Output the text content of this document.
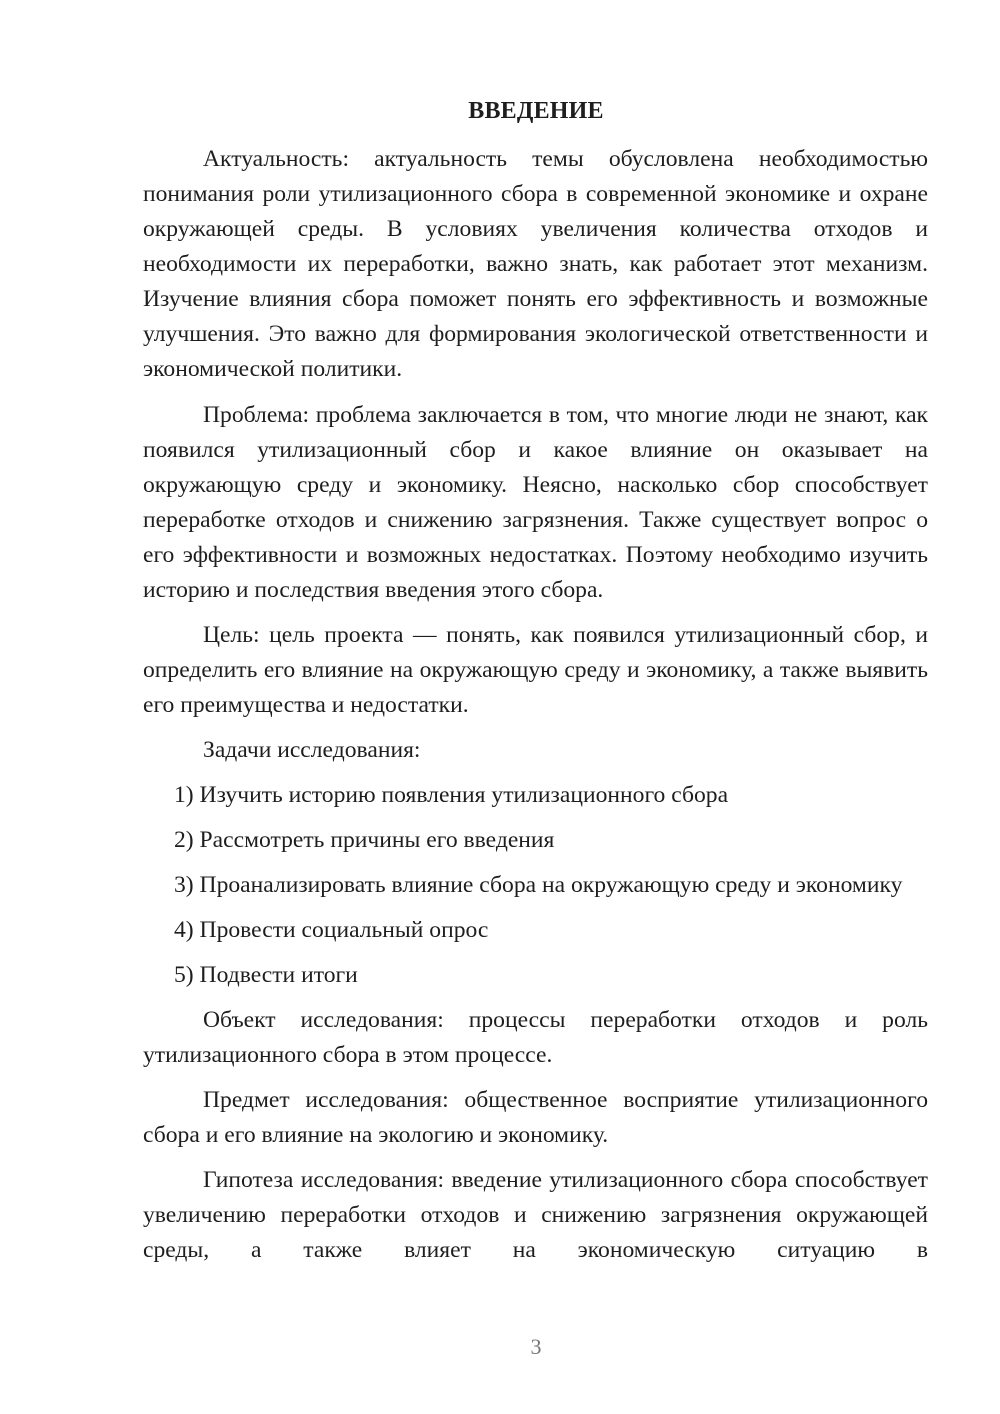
ВВЕДЕНИЕ

Актуальность: актуальность темы обусловлена необходимостью понимания роли утилизационного сбора в современной экономике и охране окружающей среды. В условиях увеличения количества отходов и необходимости их переработки, важно знать, как работает этот механизм. Изучение влияния сбора поможет понять его эффективность и возможные улучшения. Это важно для формирования экологической ответственности и экономической политики.

Проблема: проблема заключается в том, что многие люди не знают, как появился утилизационный сбор и какое влияние он оказывает на окружающую среду и экономику. Неясно, насколько сбор способствует переработке отходов и снижению загрязнения. Также существует вопрос о его эффективности и возможных недостатках. Поэтому необходимо изучить историю и последствия введения этого сбора.

Цель: цель проекта — понять, как появился утилизационный сбор, и определить его влияние на окружающую среду и экономику, а также выявить его преимущества и недостатки.

Задачи исследования:

1) Изучить историю появления утилизационного сбора

2) Рассмотреть причины его введения

3) Проанализировать влияние сбора на окружающую среду и экономику

4) Провести социальный опрос

5) Подвести итоги

Объект исследования: процессы переработки отходов и роль утилизационного сбора в этом процессе.

Предмет исследования: общественное восприятие утилизационного сбора и его влияние на экологию и экономику.

Гипотеза исследования: введение утилизационного сбора способствует увеличению переработки отходов и снижению загрязнения окружающей среды, а также влияет на экономическую ситуацию в

3
